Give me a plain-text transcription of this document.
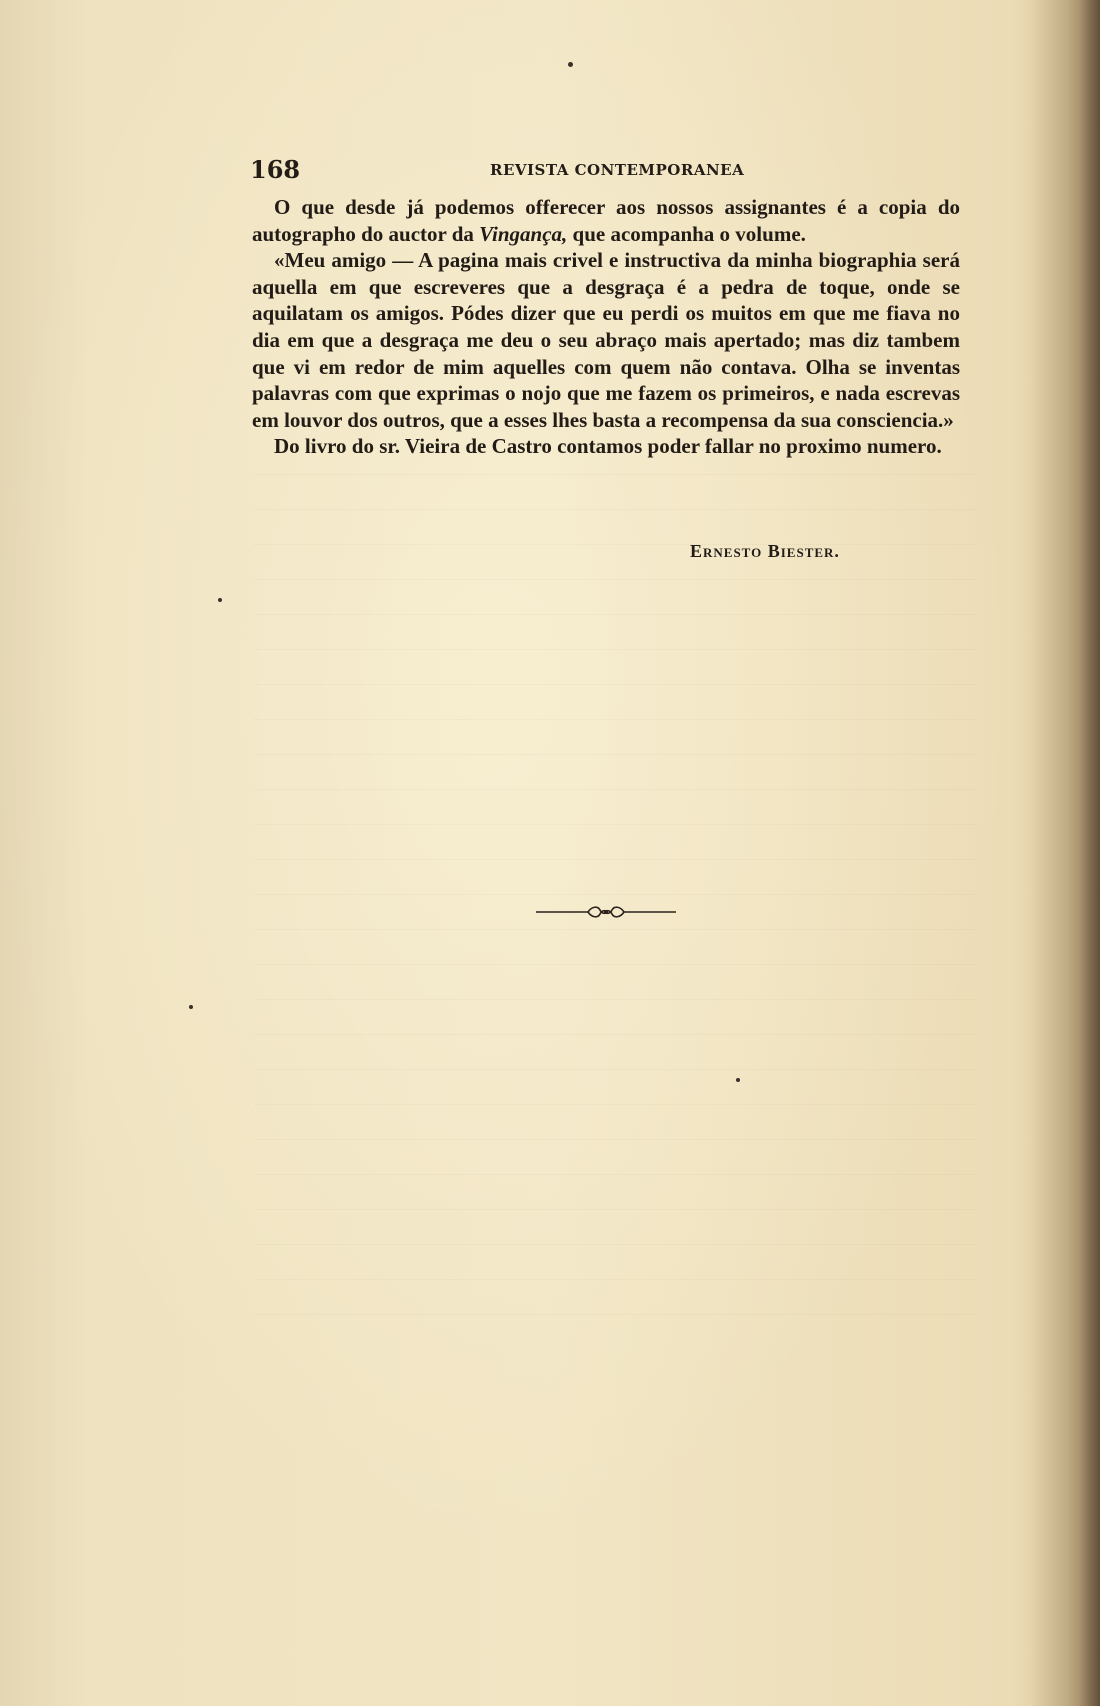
168	REVISTA CONTEMPORANEA

O que desde já podemos offerecer aos nossos assignantes é a copia do autographo do auctor da Vingança, que acompanha o volume.

«Meu amigo — A pagina mais crivel e instructiva da minha biographia será aquella em que escreveres que a desgraça é a pedra de toque, onde se aquilatam os amigos. Pódes dizer que eu perdi os muitos em que me fiava no dia em que a desgraça me deu o seu abraço mais apertado; mas diz tambem que vi em redor de mim aquelles com quem não contava. Olha se inventas palavras com que exprimas o nojo que me fazem os primeiros, e nada escrevas em louvor dos outros, que a esses lhes basta a recompensa da sua consciencia.»

Do livro do sr. Vieira de Castro contamos poder fallar no proximo numero.

Ernesto Biester.
